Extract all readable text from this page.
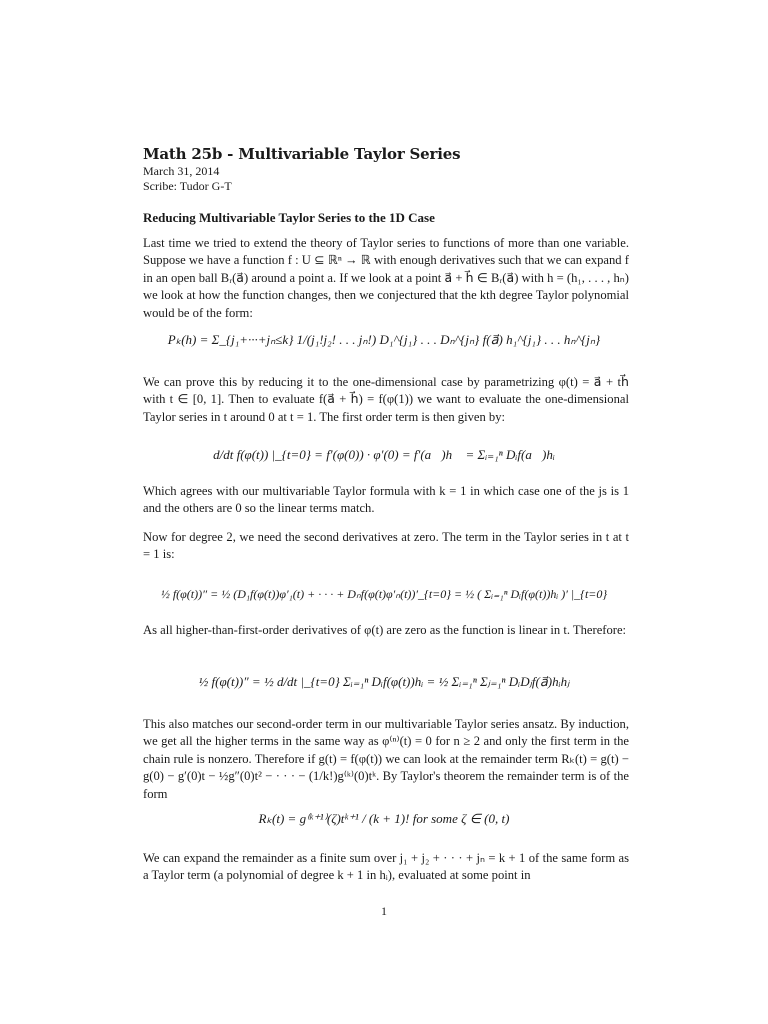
Math 25b - Multivariable Taylor Series
March 31, 2014
Scribe: Tudor G-T
Reducing Multivariable Taylor Series to the 1D Case

Last time we tried to extend the theory of Taylor series to functions of more than one variable. Suppose we have a function f : U ⊆ ℝⁿ → ℝ with enough derivatives such that we can expand f in an open ball Bᵣ(a⃗) around a point a. If we look at a point a⃗ + h⃗ ∈ Bᵣ(a⃗) with h = (h₁, . . . , hₙ) we look at how the function changes, then we conjectured that the kth degree Taylor polynomial would be of the form:

Pₖ(h) = Σ_{j₁+···+jₙ≤k} 1/(j₁!j₂! . . . jₙ!) D₁^{j₁} . . . Dₙ^{jₙ} f(a⃗) h₁^{j₁} . . . hₙ^{jₙ}

We can prove this by reducing it to the one-dimensional case by parametrizing φ(t) = a⃗ + th⃗ with t ∈ [0, 1]. Then to evaluate f(a⃗ + h⃗) = f(φ(1)) we want to evaluate the one-dimensional Taylor series in t around 0 at t = 1. The first order term is then given by:

d/dt f(φ(t)) |_{t=0} = f′(φ(0)) · φ′(0) = f′(a⃗)h⃗ = Σᵢ₌₁ⁿ Dᵢf(a⃗)hᵢ

Which agrees with our multivariable Taylor formula with k = 1 in which case one of the js is 1 and the others are 0 so the linear terms match.

Now for degree 2, we need the second derivatives at zero. The term in the Taylor series in t at t = 1 is:

½ f(φ(t))″ = ½ (D₁f(φ(t))φ′₁(t) + · · · + Dₙf(φ(t)φ′ₙ(t))′_{t=0} = ½ ( Σᵢ₌₁ⁿ Dᵢf(φ(t))hᵢ )′ |_{t=0}

As all higher-than-first-order derivatives of φ(t) are zero as the function is linear in t. Therefore:

½ f(φ(t))″ = ½ d/dt |_{t=0} Σᵢ₌₁ⁿ Dᵢf(φ(t))hᵢ = ½ Σᵢ₌₁ⁿ Σⱼ₌₁ⁿ DᵢDⱼf(a⃗)hᵢhⱼ

This also matches our second-order term in our multivariable Taylor series ansatz. By induction, we get all the higher terms in the same way as φ⁽ⁿ⁾(t) = 0 for n ≥ 2 and only the first term in the chain rule is nonzero. Therefore if g(t) = f(φ(t)) we can look at the remainder term Rₖ(t) = g(t) − g(0) − g′(0)t − ½g″(0)t² − · · · − (1/k!)g⁽ᵏ⁾(0)tᵏ. By Taylor's theorem the remainder term is of the form

Rₖ(t) = g⁽ᵏ⁺¹⁾(ζ)tᵏ⁺¹ / (k + 1)! for some ζ ∈ (0, t)

We can expand the remainder as a finite sum over j₁ + j₂ + · · · + jₙ = k + 1 of the same form as a Taylor term (a polynomial of degree k + 1 in hᵢ), evaluated at some point in

1
